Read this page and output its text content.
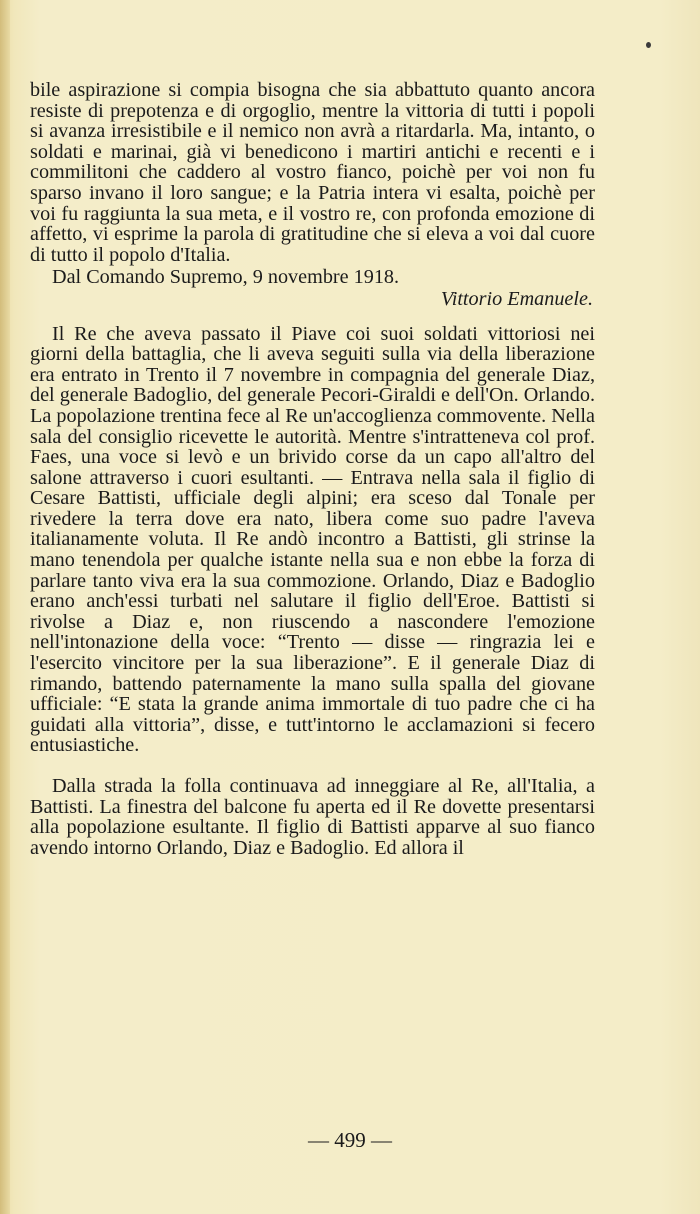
bile aspirazione si compia bisogna che sia abbattuto quanto ancora resiste di prepotenza e di orgoglio, mentre la vittoria di tutti i popoli si avanza irresistibile e il nemico non avrà a ritardarla. Ma, intanto, o soldati e marinai, già vi benedicono i martiri antichi e recenti e i commilitoni che caddero al vostro fianco, poichè per voi non fu sparso invano il loro sangue; e la Patria intera vi esalta, poichè per voi fu raggiunta la sua meta, e il vostro re, con profonda emozione di affetto, vi esprime la parola di gratitudine che si eleva a voi dal cuore di tutto il popolo d'Italia.

Dal Comando Supremo, 9 novembre 1918.

Vittorio Emanuele.

Il Re che aveva passato il Piave coi suoi soldati vittoriosi nei giorni della battaglia, che li aveva seguiti sulla via della liberazione era entrato in Trento il 7 novembre in compagnia del generale Diaz, del generale Badoglio, del generale Pecori-Giraldi e dell'On. Orlando. La popolazione trentina fece al Re un'accoglienza commovente. Nella sala del consiglio ricevette le autorità. Mentre s'intratteneva col prof. Faes, una voce si levò e un brivido corse da un capo all'altro del salone attraverso i cuori esultanti. — Entrava nella sala il figlio di Cesare Battisti, ufficiale degli alpini; era sceso dal Tonale per rivedere la terra dove era nato, libera come suo padre l'aveva italianamente voluta. Il Re andò incontro a Battisti, gli strinse la mano tenendola per qualche istante nella sua e non ebbe la forza di parlare tanto viva era la sua commozione. Orlando, Diaz e Badoglio erano anch'essi turbati nel salutare il figlio dell'Eroe. Battisti si rivolse a Diaz e, non riuscendo a nascondere l'emozione nell'intonazione della voce: “Trento — disse — ringrazia lei e l'esercito vincitore per la sua liberazione”. E il generale Diaz di rimando, battendo paternamente la mano sulla spalla del giovane ufficiale: “E stata la grande anima immortale di tuo padre che ci ha guidati alla vittoria”, disse, e tutt'intorno le acclamazioni si fecero entusiastiche.

Dalla strada la folla continuava ad inneggiare al Re, all'Italia, a Battisti. La finestra del balcone fu aperta ed il Re dovette presentarsi alla popolazione esultante. Il figlio di Battisti apparve al suo fianco avendo intorno Orlando, Diaz e Badoglio. Ed allora il

— 499 —
